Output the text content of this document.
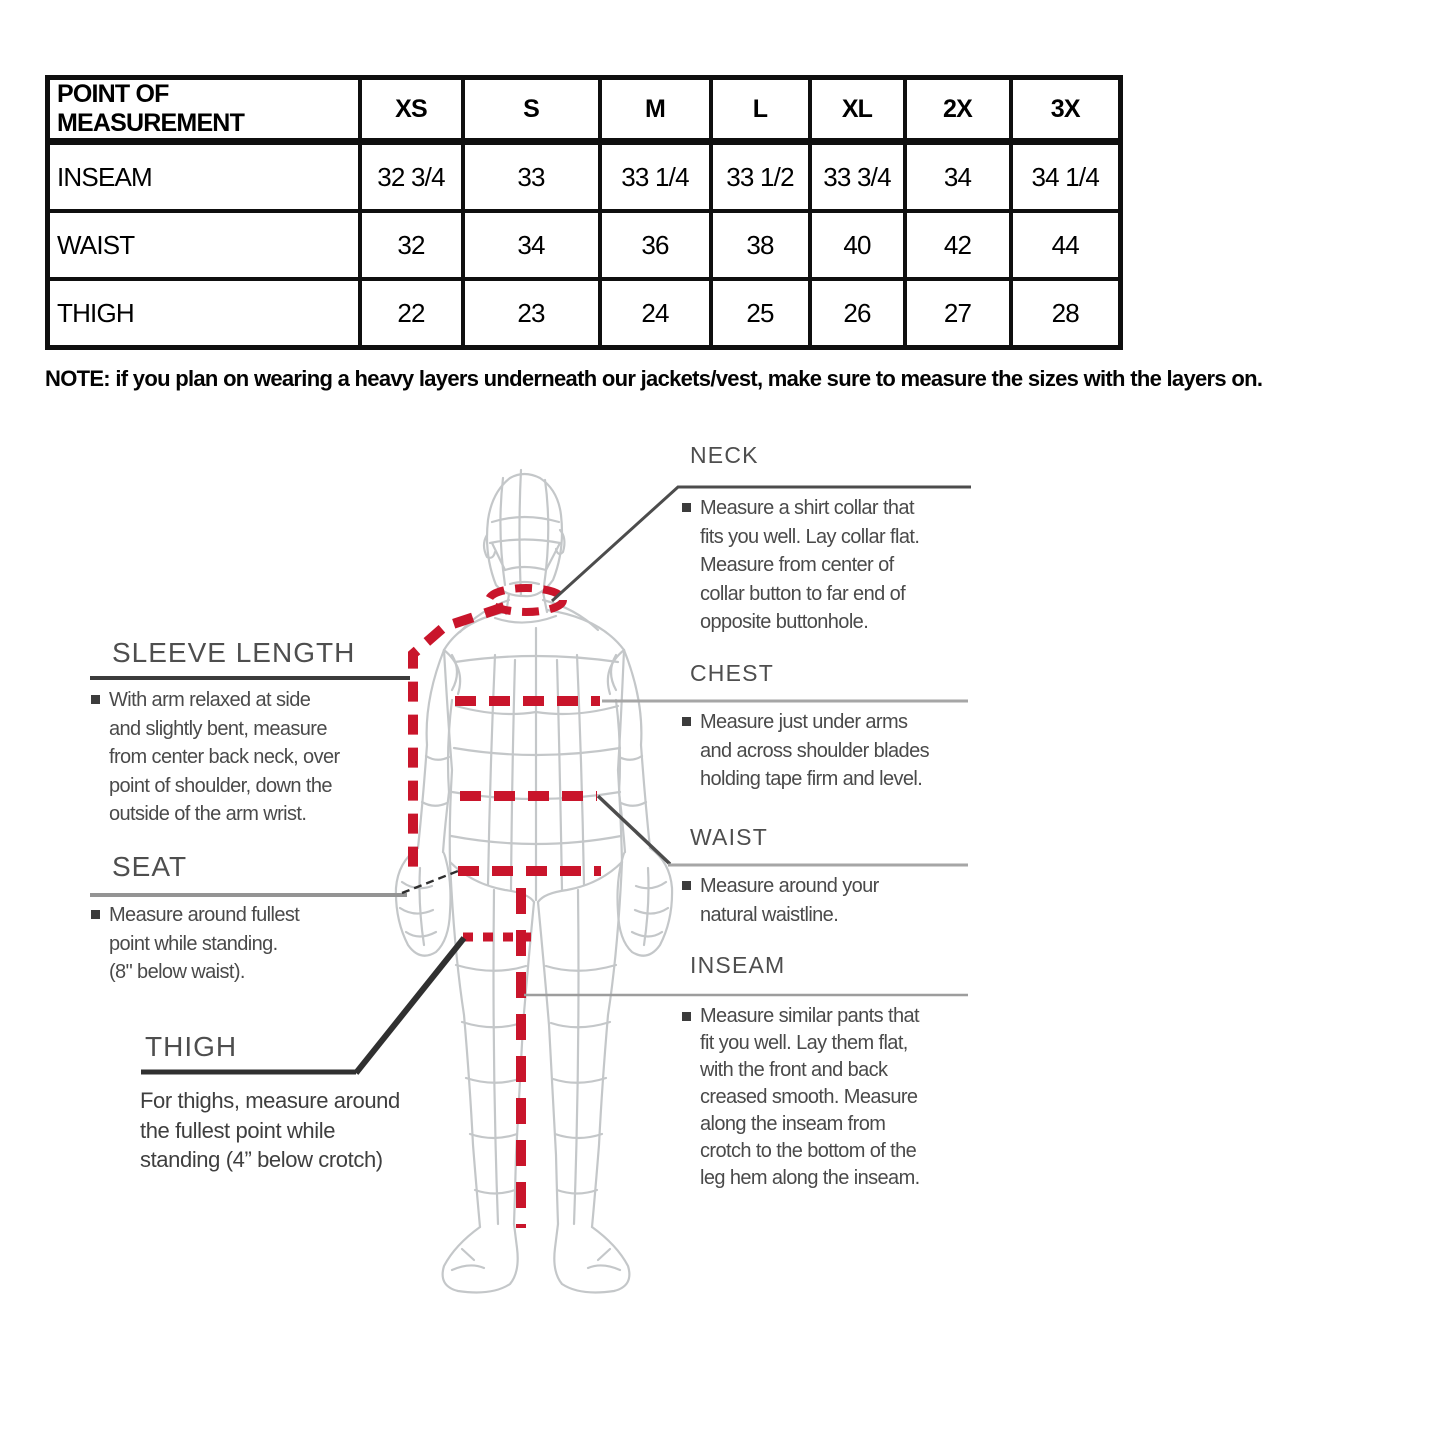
POINT OF MEASUREMENT	XS	S	M	L	XL	2X	3X
INSEAM	32 3/4	33	33 1/4	33 1/2	33 3/4	34	34 1/4
WAIST	32	34	36	38	40	42	44
THIGH	22	23	24	25	26	27	28
NOTE: if you plan on wearing a heavy layers underneath our jackets/vest, make sure to measure the sizes with the layers on.
NECK
Measure a shirt collar that
fits you well. Lay collar flat.
Measure from center of
collar button to far end of
opposite buttonhole.
CHEST
Measure just under arms
and across shoulder blades
holding tape firm and level.
WAIST
Measure around your
natural waistline.
INSEAM
Measure similar pants that
fit you well. Lay them flat,
with the front and back
creased smooth. Measure
along the inseam from
crotch to the bottom of the
leg hem along the inseam.
SLEEVE LENGTH
With arm relaxed at side
and slightly bent, measure
from center back neck, over
point of shoulder, down the
outside of the arm wrist.
SEAT
Measure around fullest
point while standing.
(8" below waist).
THIGH
For thighs, measure around
the fullest point while
standing (4” below crotch)
